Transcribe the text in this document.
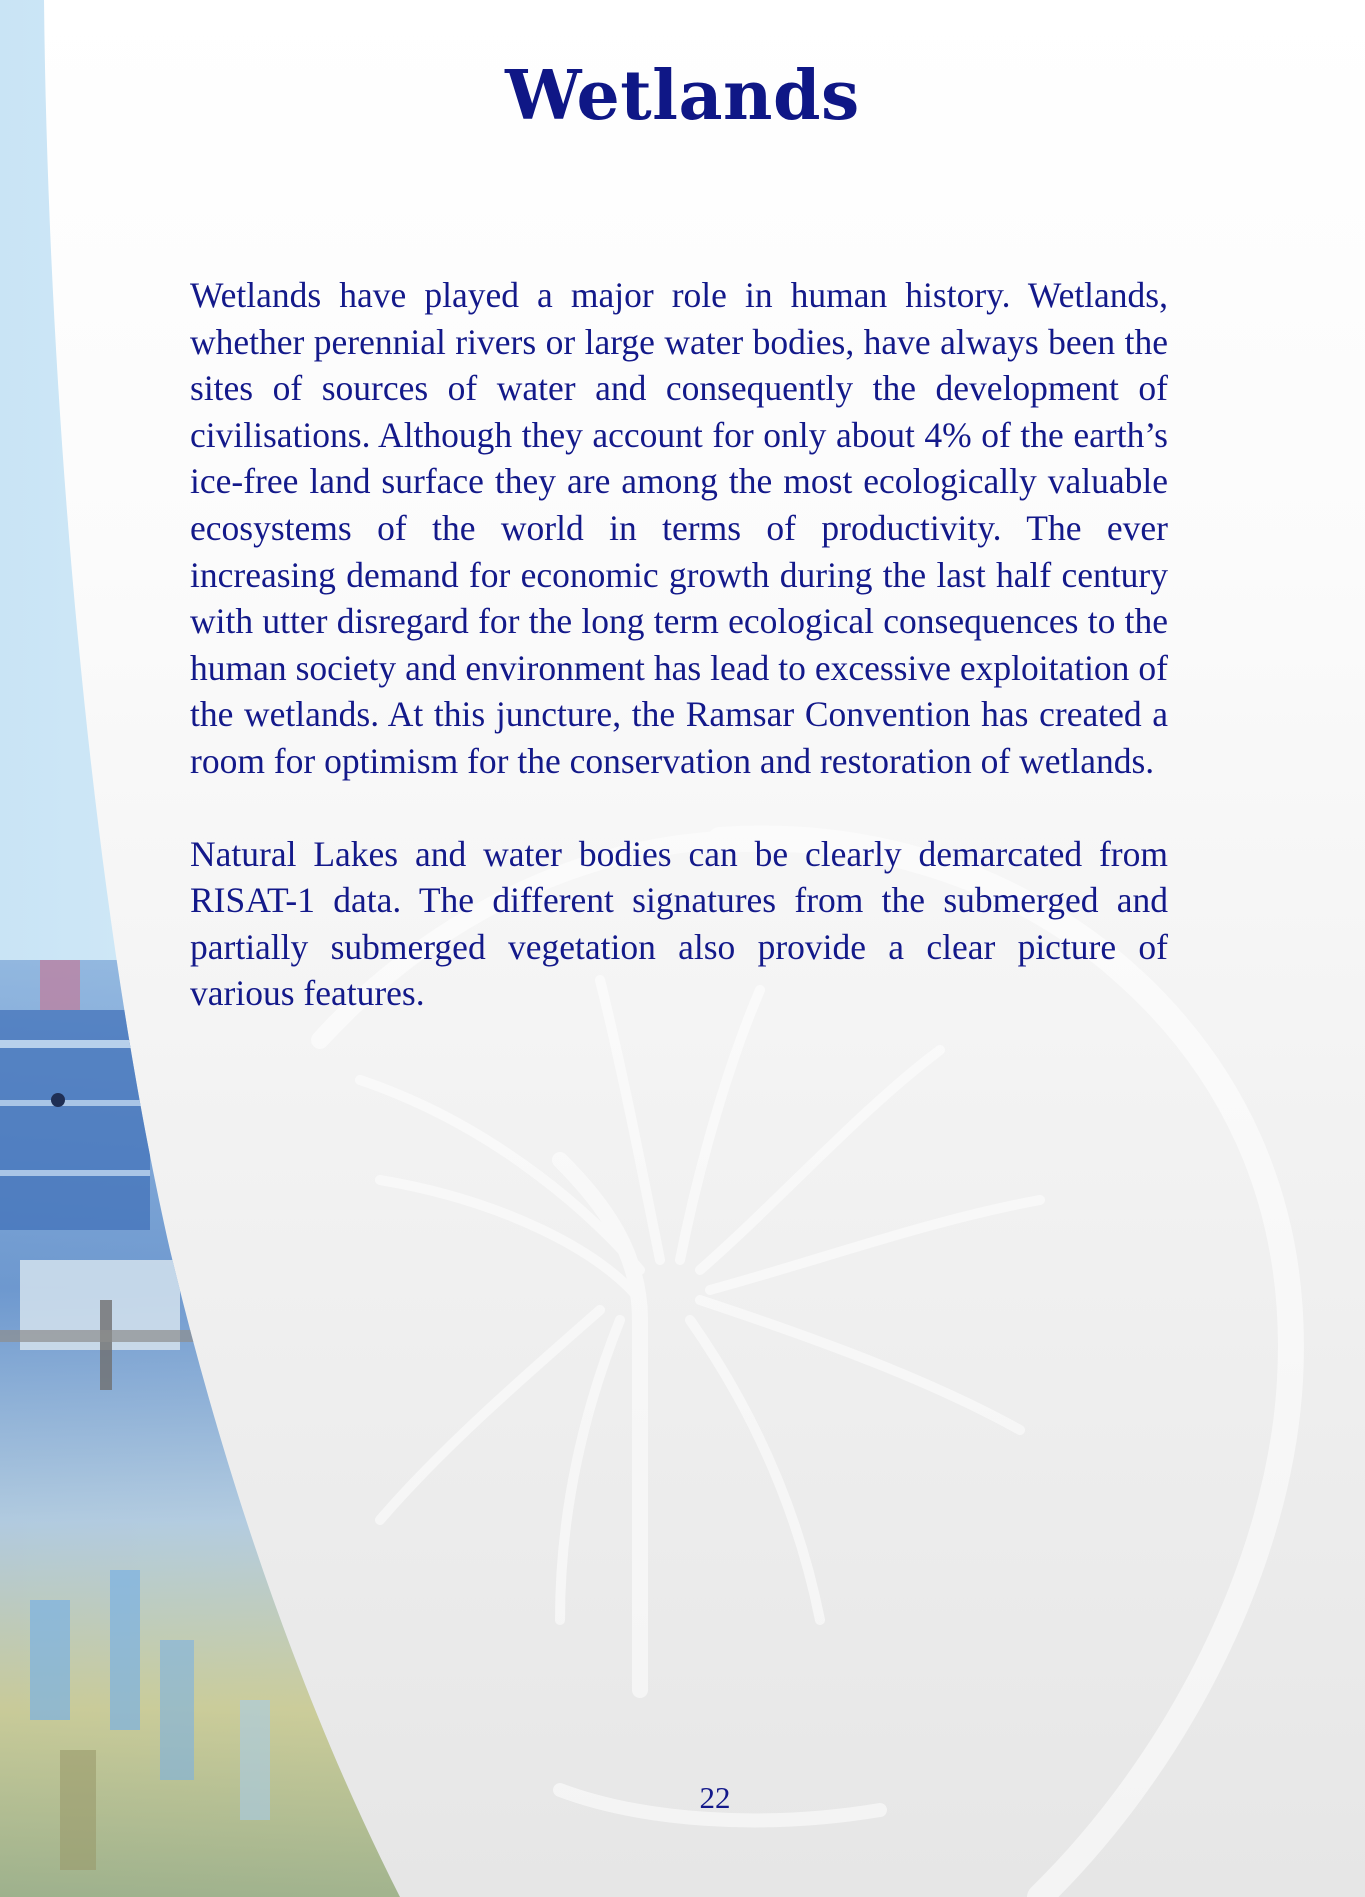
Wetlands

Wetlands have played a major role in human history. Wetlands, whether perennial rivers or large water bodies, have always been the sites of sources of water and consequently the development of civilisations. Although they account for only about 4% of the earth’s ice-free land surface they are among the most ecologically valuable ecosystems of the world in terms of productivity. The ever increasing demand for economic growth during the last half century with utter disregard for the long term ecological consequences to the human society and environment has lead to excessive exploitation of the wetlands. At this juncture, the Ramsar Convention has created a room for optimism for the conservation and restoration of wetlands.

Natural Lakes and water bodies can be clearly demarcated from RISAT-1 data. The different signatures from the submerged and partially submerged vegetation also provide a clear picture of various features.

22
